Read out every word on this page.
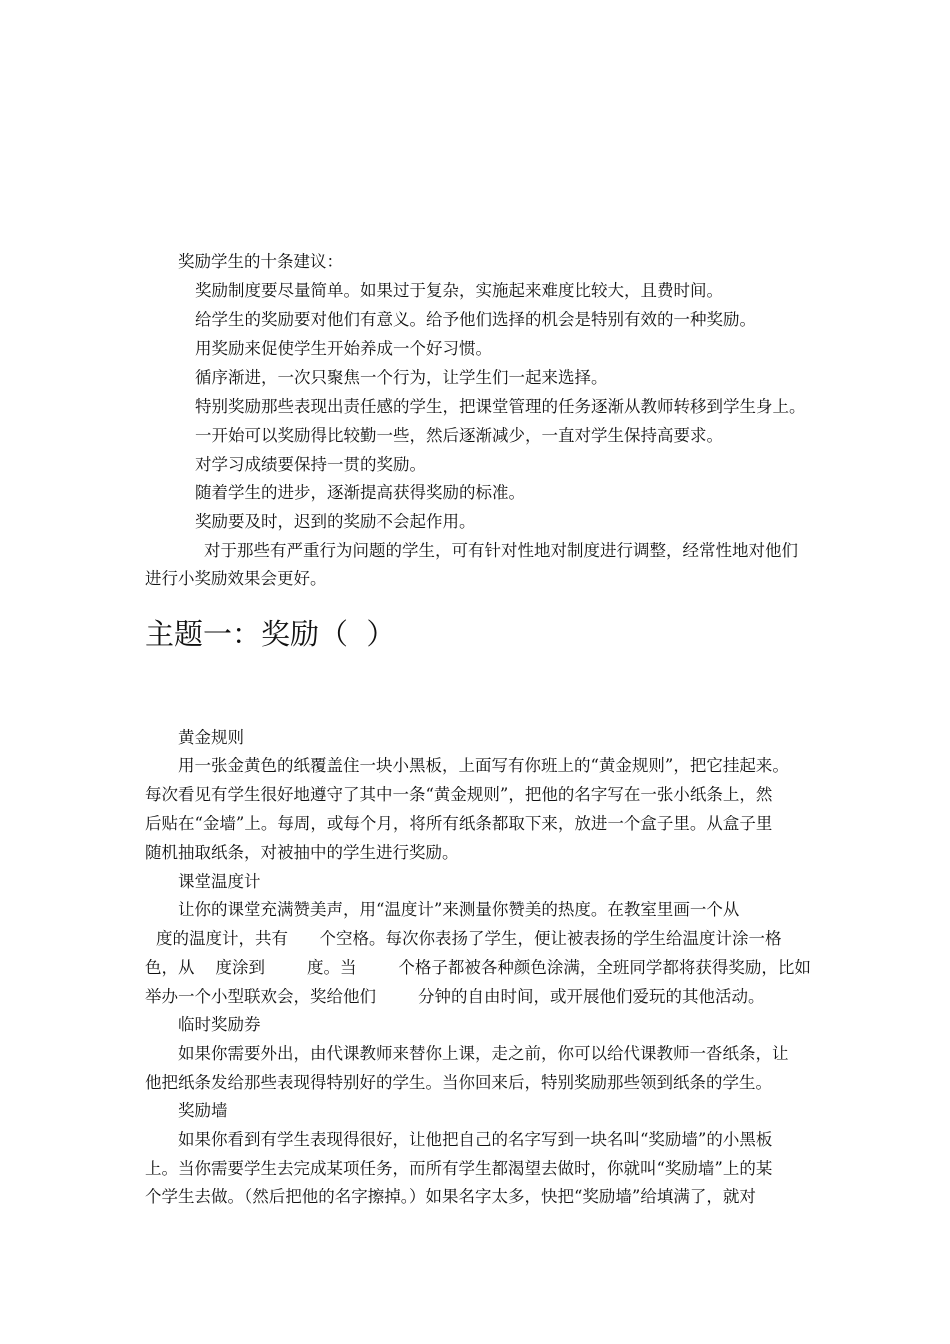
奖励学生的十条建议：
奖励制度要尽量简单。如果过于复杂，实施起来难度比较大，且费时间。
给学生的奖励要对他们有意义。给予他们选择的机会是特别有效的一种奖励。
用奖励来促使学生开始养成一个好习惯。
循序渐进，一次只聚焦一个行为，让学生们一起来选择。
特别奖励那些表现出责任感的学生，把课堂管理的任务逐渐从教师转移到学生身上。
一开始可以奖励得比较勤一些，然后逐渐减少，一直对学生保持高要求。
对学习成绩要保持一贯的奖励。
随着学生的进步，逐渐提高获得奖励的标准。
奖励要及时，迟到的奖励不会起作用。
对于那些有严重行为问题的学生，可有针对性地对制度进行调整，经常性地对他们
进行小奖励效果会更好。
主题一：奖励（  ）
黄金规则
用一张金黄色的纸覆盖住一块小黑板，上面写有你班上的“黄金规则”，把它挂起来。
每次看见有学生很好地遵守了其中一条“黄金规则”，把他的名字写在一张小纸条上，然
后贴在“金墙”上。每周，或每个月，将所有纸条都取下来，放进一个盒子里。从盒子里
随机抽取纸条，对被抽中的学生进行奖励。
课堂温度计
让你的课堂充满赞美声，用“温度计”来测量你赞美的热度。在教室里画一个从
度的温度计，共有      个空格。每次你表扬了学生，便让被表扬的学生给温度计涂一格
色，从    度涂到        度。当        个格子都被各种颜色涂满，全班同学都将获得奖励，比如
举办一个小型联欢会，奖给他们        分钟的自由时间，或开展他们爱玩的其他活动。
临时奖励券
如果你需要外出，由代课教师来替你上课，走之前，你可以给代课教师一沓纸条，让
他把纸条发给那些表现得特别好的学生。当你回来后，特别奖励那些领到纸条的学生。
奖励墙
如果你看到有学生表现得很好，让他把自己的名字写到一块名叫“奖励墙”的小黑板
上。当你需要学生去完成某项任务，而所有学生都渴望去做时，你就叫“奖励墙”上的某
个学生去做。（然后把他的名字擦掉。）如果名字太多，快把“奖励墙”给填满了，就对
